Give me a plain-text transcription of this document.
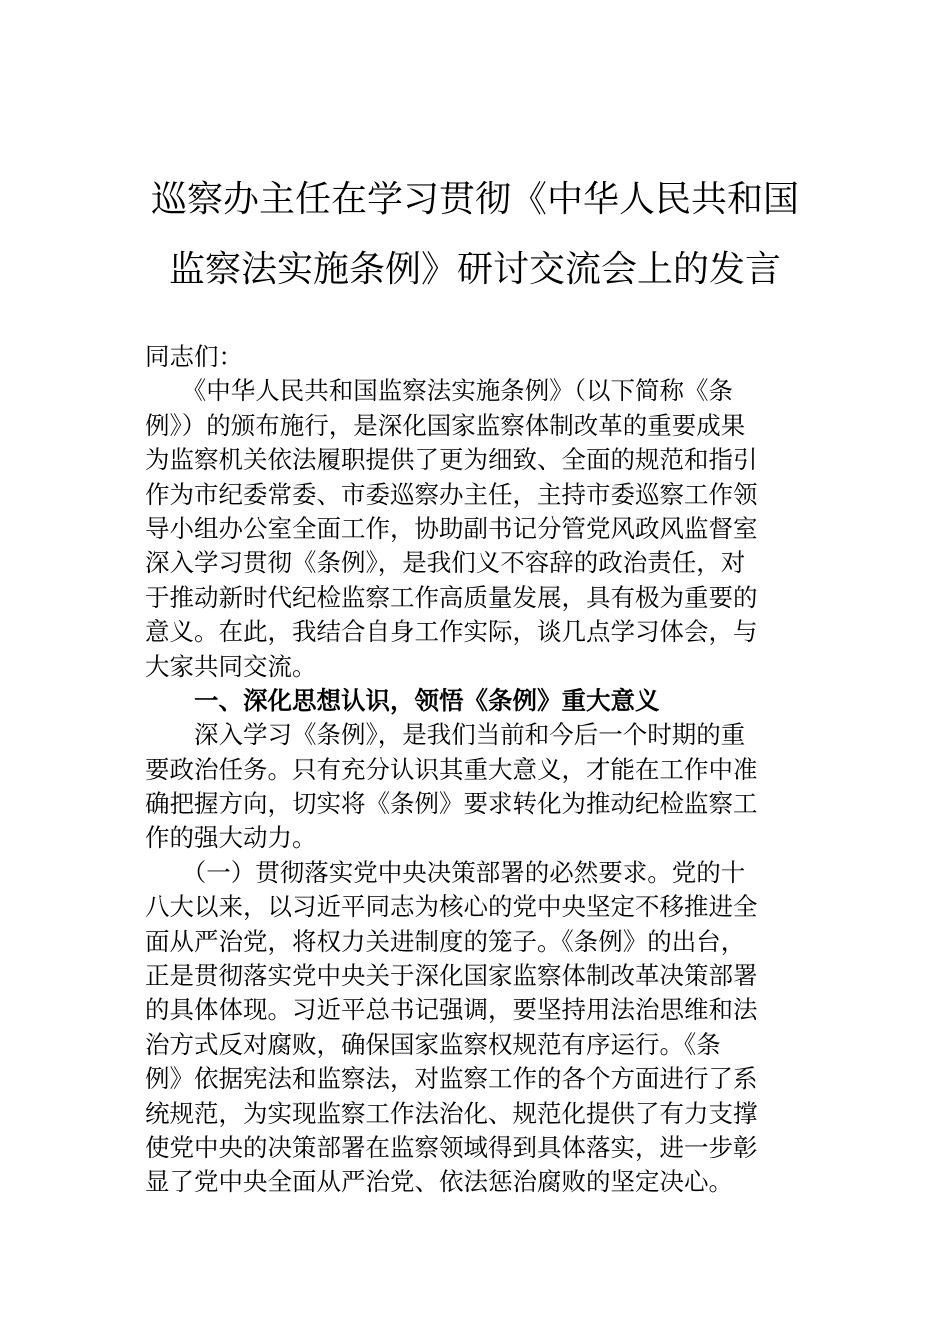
巡察办主任在学习贯彻《中华人民共和国
监察法实施条例》研讨交流会上的发言
同志们：
　　《中华人民共和国监察法实施条例》（以下简称《条
例》）的颁布施行，是深化国家监察体制改革的重要成果
为监察机关依法履职提供了更为细致、全面的规范和指引
作为市纪委常委、市委巡察办主任，主持市委巡察工作领
导小组办公室全面工作，协助副书记分管党风政风监督室
深入学习贯彻《条例》，是我们义不容辞的政治责任，对
于推动新时代纪检监察工作高质量发展，具有极为重要的
意义。在此，我结合自身工作实际，谈几点学习体会，与
大家共同交流。
　　一、深化思想认识，领悟《条例》重大意义
　　深入学习《条例》，是我们当前和今后一个时期的重
要政治任务。只有充分认识其重大意义，才能在工作中准
确把握方向，切实将《条例》要求转化为推动纪检监察工
作的强大动力。
　　（一）贯彻落实党中央决策部署的必然要求。党的十
八大以来，以习近平同志为核心的党中央坚定不移推进全
面从严治党，将权力关进制度的笼子。《条例》的出台，
正是贯彻落实党中央关于深化国家监察体制改革决策部署
的具体体现。习近平总书记强调，要坚持用法治思维和法
治方式反对腐败，确保国家监察权规范有序运行。《条
例》依据宪法和监察法，对监察工作的各个方面进行了系
统规范，为实现监察工作法治化、规范化提供了有力支撑
使党中央的决策部署在监察领域得到具体落实，进一步彰
显了党中央全面从严治党、依法惩治腐败的坚定决心。
